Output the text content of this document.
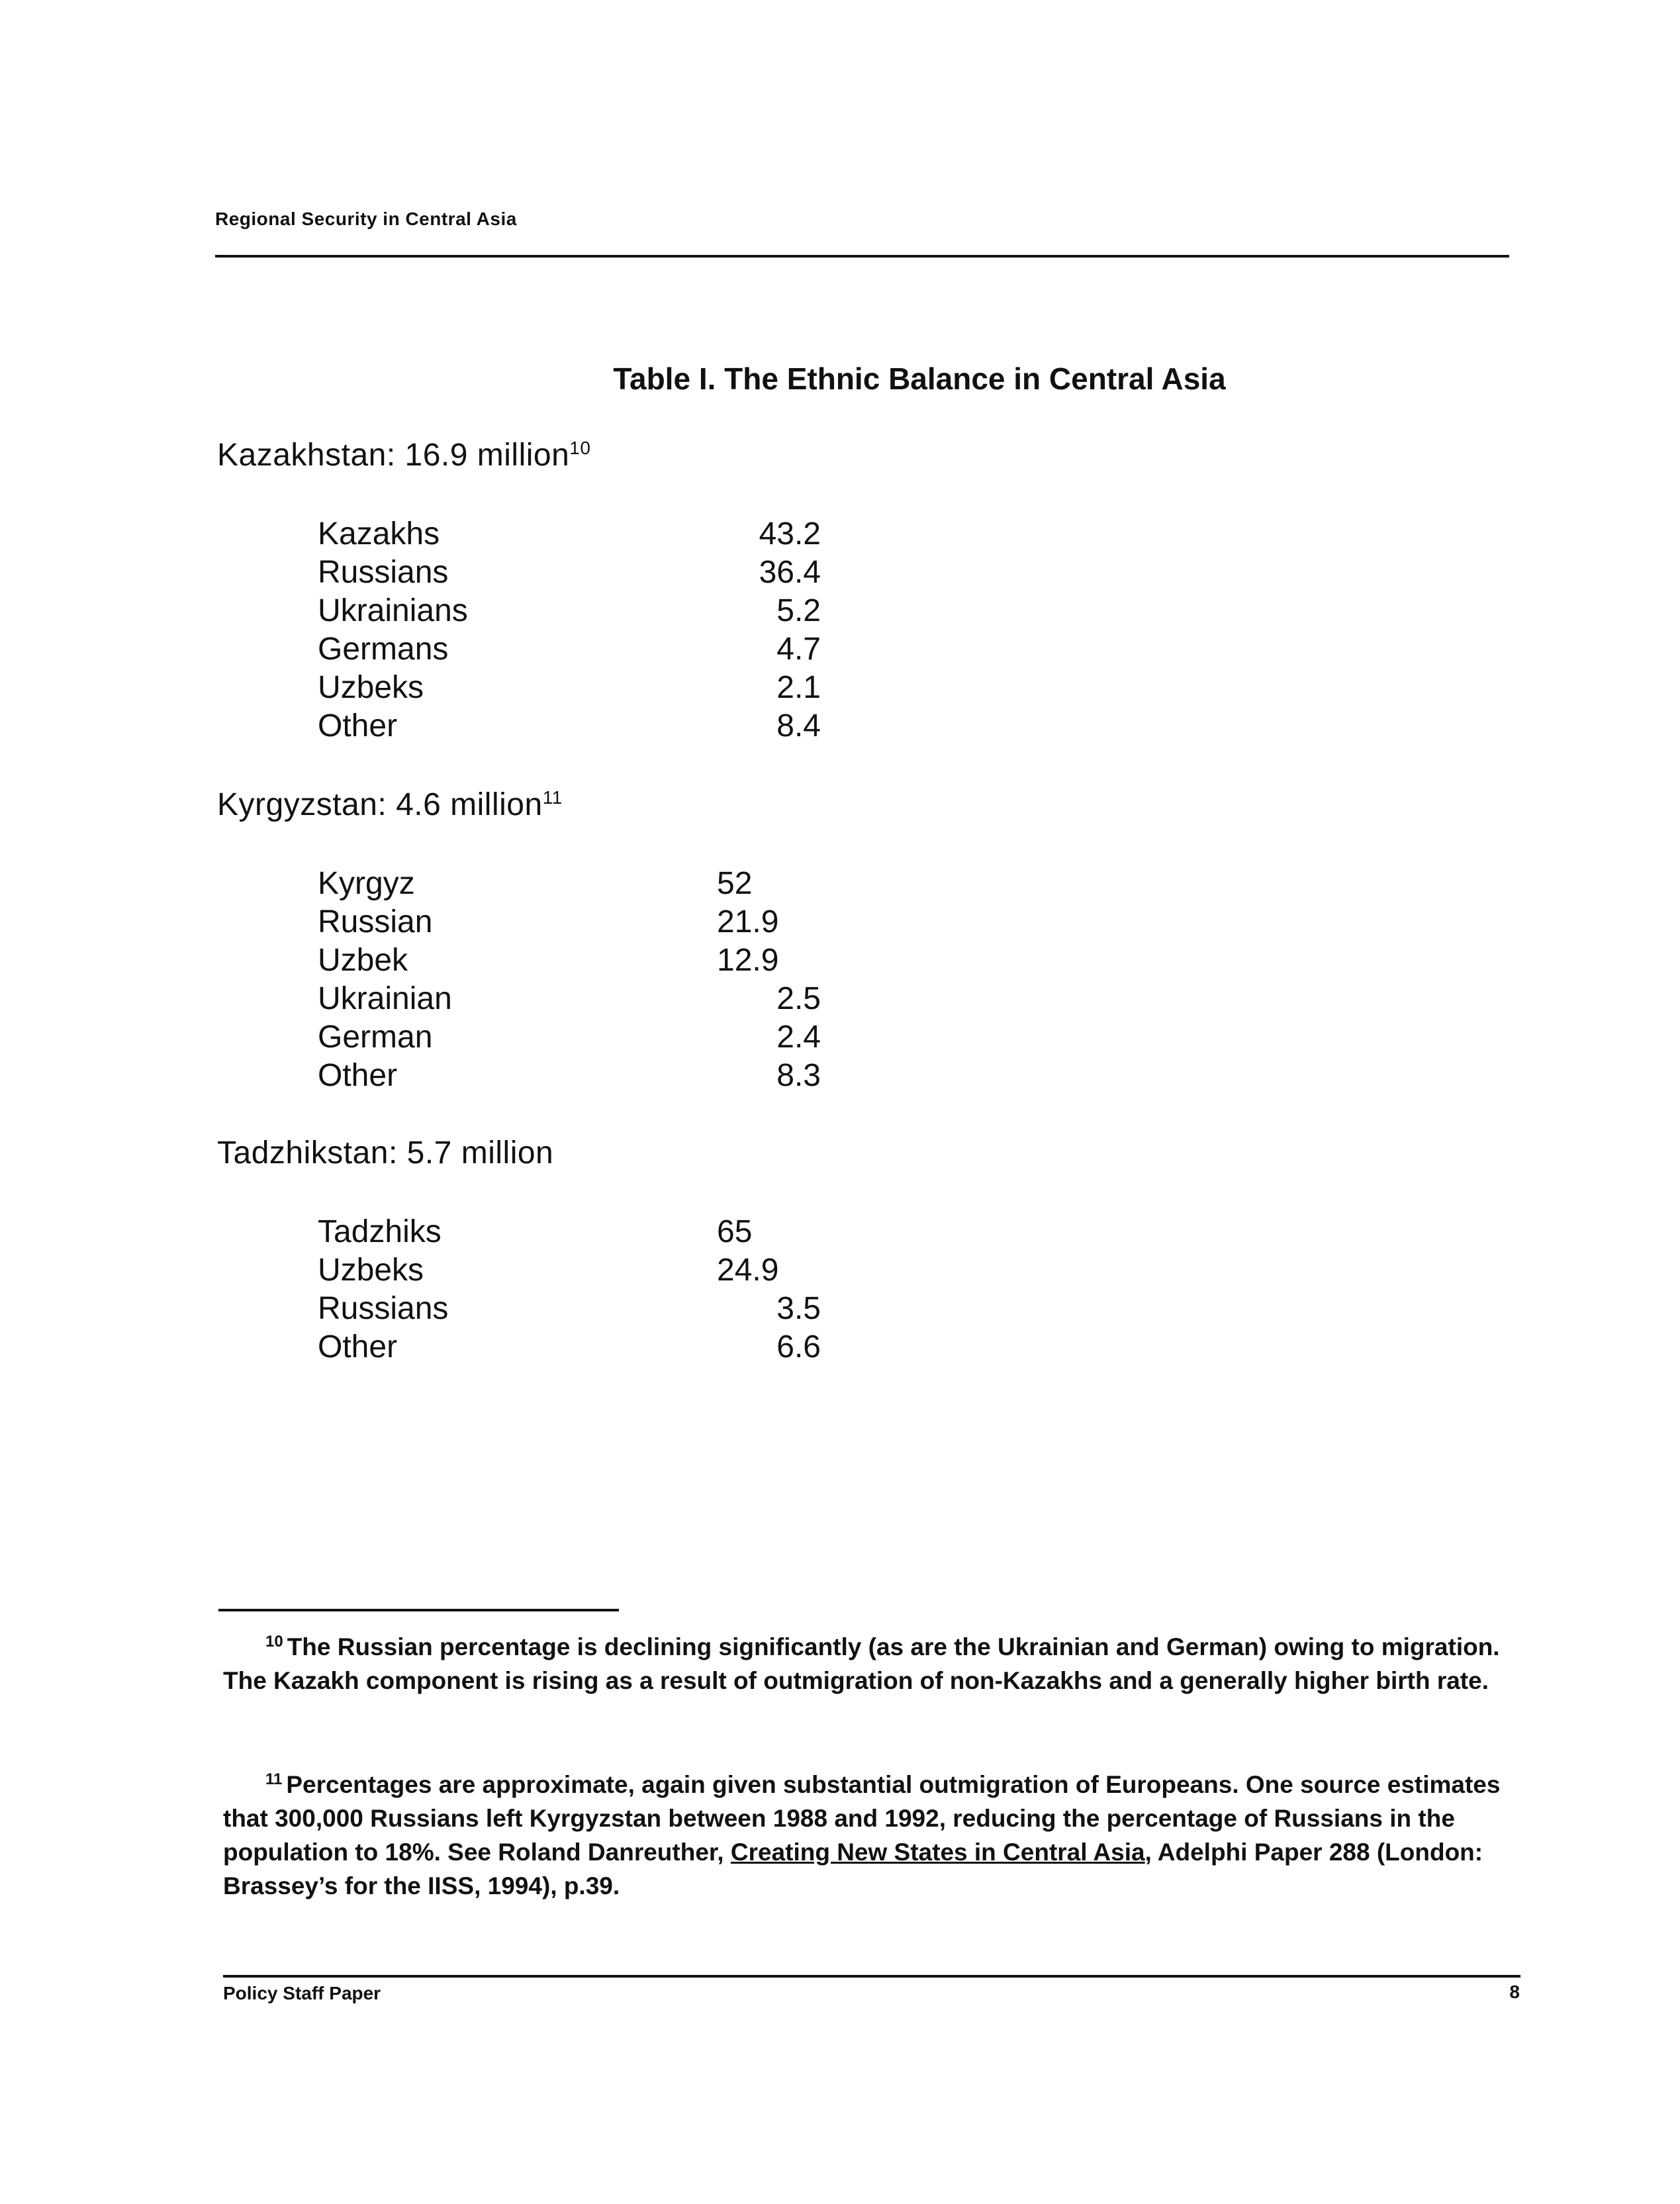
Regional Security in Central Asia
Table I. The Ethnic Balance in Central Asia
Kazakhstan: 16.9 million$^{10}$
Kazakhs	43.2
Russians	36.4
Ukrainians	5.2
Germans	4.7
Uzbeks	2.1
Other	8.4
Kyrgyzstan: 4.6 million$^{11}$
Kyrgyz	52
Russian	21.9
Uzbek	12.9
Ukrainian	2.5
German	2.4
Other	8.3
Tadzhikstan: 5.7 million
Tadzhiks	65
Uzbeks	24.9
Russians	3.5
Other	6.6
$^{10}$ The Russian percentage is declining significantly (as are the Ukrainian and German) owing to migration. The Kazakh component is rising as a result of outmigration of non-Kazakhs and a generally higher birth rate.
$^{11}$ Percentages are approximate, again given substantial outmigration of Europeans. One source estimates that 300,000 Russians left Kyrgyzstan between 1988 and 1992, reducing the percentage of Russians in the population to 18%. See Roland Danreuther, Creating New States in Central Asia, Adelphi Paper 288 (London: Brassey’s for the IISS, 1994), p.39.
Policy Staff Paper	8
